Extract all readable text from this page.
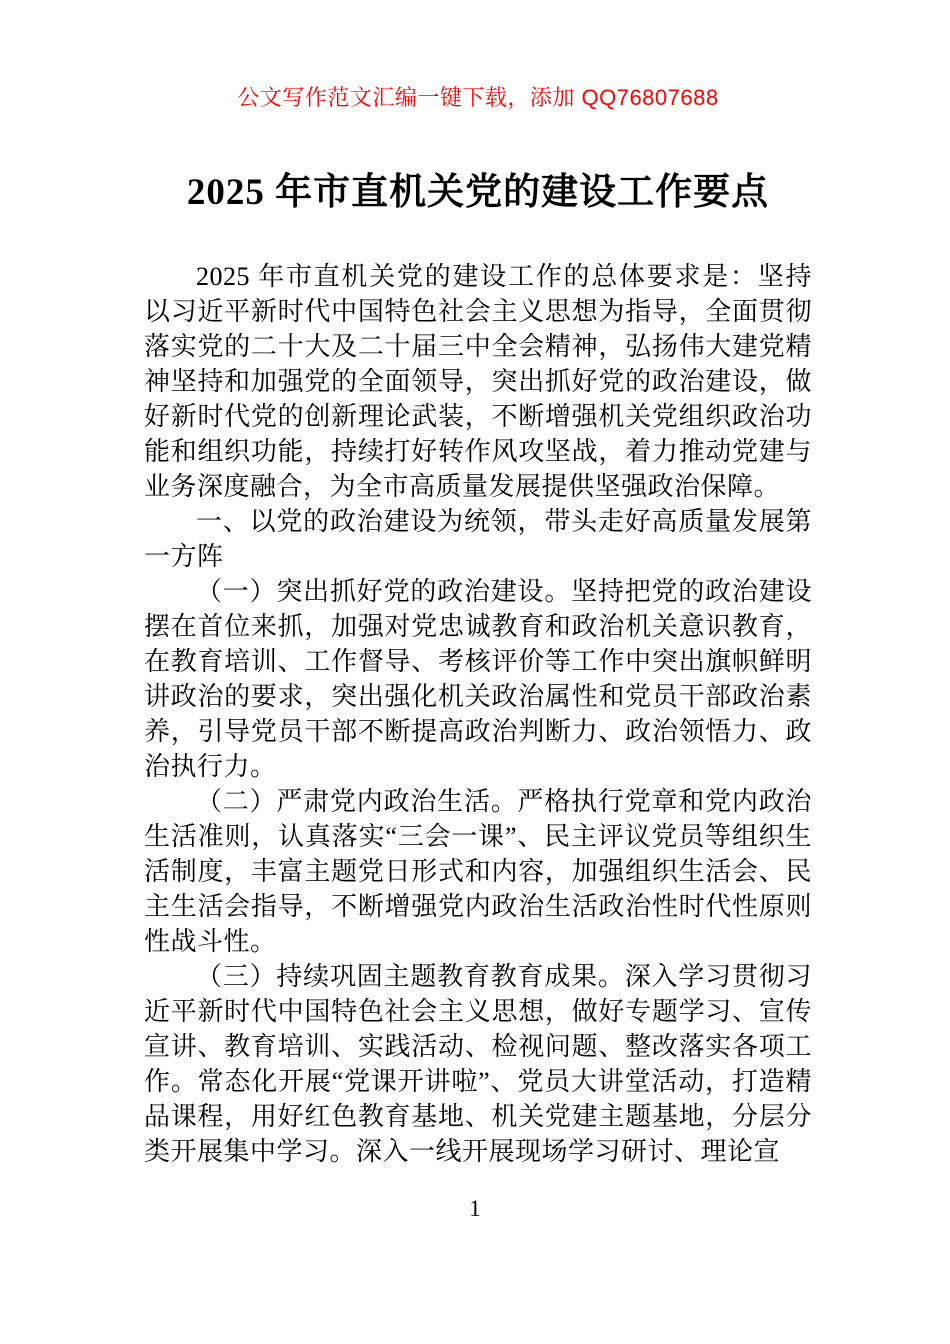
公文写作范文汇编一键下载，添加 QQ76807688
2025 年市直机关党的建设工作要点

2025 年市直机关党的建设工作的总体要求是：坚持以习近平新时代中国特色社会主义思想为指导，全面贯彻落实党的二十大及二十届三中全会精神，弘扬伟大建党精神坚持和加强党的全面领导，突出抓好党的政治建设，做好新时代党的创新理论武装，不断增强机关党组织政治功能和组织功能，持续打好转作风攻坚战，着力推动党建与业务深度融合，为全市高质量发展提供坚强政治保障。

一、以党的政治建设为统领，带头走好高质量发展第一方阵

（一）突出抓好党的政治建设。坚持把党的政治建设摆在首位来抓，加强对党忠诚教育和政治机关意识教育，在教育培训、工作督导、考核评价等工作中突出旗帜鲜明讲政治的要求，突出强化机关政治属性和党员干部政治素养，引导党员干部不断提高政治判断力、政治领悟力、政治执行力。

（二）严肃党内政治生活。严格执行党章和党内政治生活准则，认真落实“三会一课”、民主评议党员等组织生活制度，丰富主题党日形式和内容，加强组织生活会、民主生活会指导，不断增强党内政治生活政治性时代性原则性战斗性。

（三）持续巩固主题教育教育成果。深入学习贯彻习近平新时代中国特色社会主义思想，做好专题学习、宣传宣讲、教育培训、实践活动、检视问题、整改落实各项工作。常态化开展“党课开讲啦”、党员大讲堂活动，打造精品课程，用好红色教育基地、机关党建主题基地，分层分类开展集中学习。深入一线开展现场学习研讨、理论宣

1
